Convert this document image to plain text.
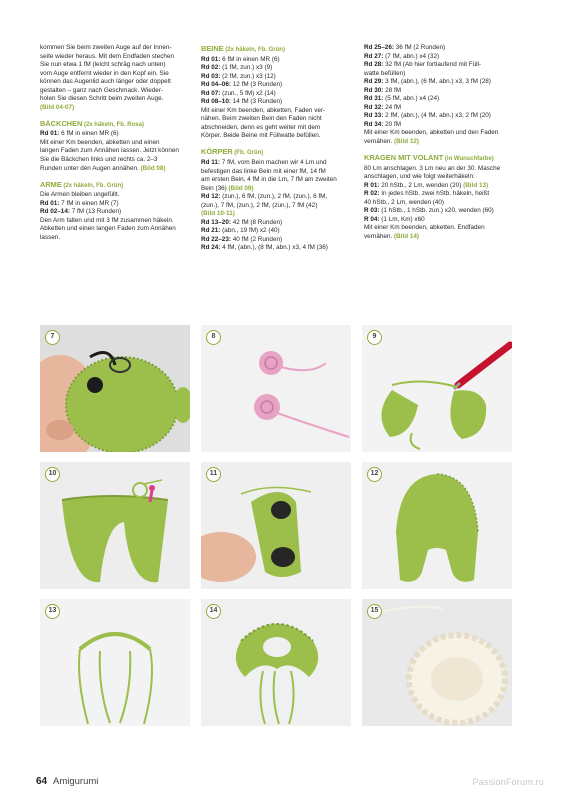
kommen Sie beim zweiten Auge auf der Innen-
seite wieder heraus. Mit dem Endfaden stechen
Sie nun etwa 1 fM (leicht schräg nach unten)
vom Auge entfernt wieder in den Kopf ein. Sie
können das Augenlid auch länger oder doppelt
gestalten – ganz nach Geschmack. Wieder-
holen Sie diesen Schritt beim zweiten Auge.
(Bild 04-07)
BÄCKCHEN (2x häkeln, Fb. Rosa)
Rd 01: 6 fM in einen MR (6)
Mit einer Km beenden, abketten und einen
langen Faden zum Annähen lassen. Jetzt können
Sie die Bäckchen links und rechts ca. 2–3
Runden unter den Augen annähen. (Bild 08)
ARME (2x häkeln, Fb. Grün)
Die Armen bleiben ungefüllt.
Rd 01: 7 fM in einen MR (7)
Rd 02–14: 7 fM (13 Runden)
Den Arm falten und mit 3 fM zusammen häkeln.
Abketten und einen langen Faden zum Annähen
lassen.
BEINE (2x häkeln, Fb. Grün)
Rd 01: 6 fM in einen MR (6)
Rd 02: (1 fM, zun.) x3 (9)
Rd 03: (2 fM, zun.) x3 (12)
Rd 04–06: 12 fM (3 Runden)
Rd 07: (zun., 5 fM) x2 (14)
Rd 08–10: 14 fM (3 Runden)
Mit einer Km beenden, abketten, Faden ver-
nähen. Beim zweiten Bein den Faden nicht
abschneiden, denn es geht weiter mit dem
Körper. Beide Beine mit Füllwatte befüllen.
KÖRPER (Fb. Grün)
Rd 11: 7 fM, vom Bein machen wir 4 Lm und
befestigen das linke Bein mit einer fM, 14 fM
am ersten Bein, 4 fM in die Lm, 7 fM am zweiten
Bein (36) (Bild 09)
Rd 12: (zun.), 6 fM, (zun.), 2 fM, (zun.), 6 fM,
(zun.), 7 fM, (zun.), 2 fM, (zun.), 7 fM (42)
(Bild 10-11)
Rd 13–20: 42 fM (8 Runden)
Rd 21: (abn., 19 fM) x2 (40)
Rd 22–23: 40 fM (2 Runden)
Rd 24: 4 fM, (abn.), (8 fM, abn.) x3, 4 fM (36)
Rd 25–26: 36 fM (2 Runden)
Rd 27: (7 fM, abn.) x4 (32)
Rd 28: 32 fM (Ab hier fortlaufend mit Füll-
watte befüllen)
Rd 29: 3 fM, (abn.), (6 fM, abn.) x3, 3 fM (28)
Rd 30: 28 fM
Rd 31: (5 fM, abn.) x4 (24)
Rd 32: 24 fM
Rd 33: 2 fM, (abn.), (4 fM, abn.) x3, 2 fM (20)
Rd 34: 20 fM
Mit einer Km beenden, abketten und den Faden
vernähen. (Bild 12)
KRAGEN MIT VOLANT (in Wunschfarbe)
80 Lm anschlagen. 3 Lm neu an der 30. Masche
anschlagen, und wie folgt weiterhäkeln:
R 01: 20 hStb., 2 Lm, wenden (20) (Bild 13)
R 02: In jedes hStb. zwei hStb. häkeln, heißt
40 hStb., 2 Lm, wenden (40)
R 03: (1 hStb., 1 hStb. zun.) x20, wenden (60)
R 04: (1 Lm, Km) x60
Mit einer Km beenden, abketten. Endfaden
vernähen. (Bild 14)
7	8	9
10	11	12
13	14	15
64 Amigurumi	PassionForum.ru
